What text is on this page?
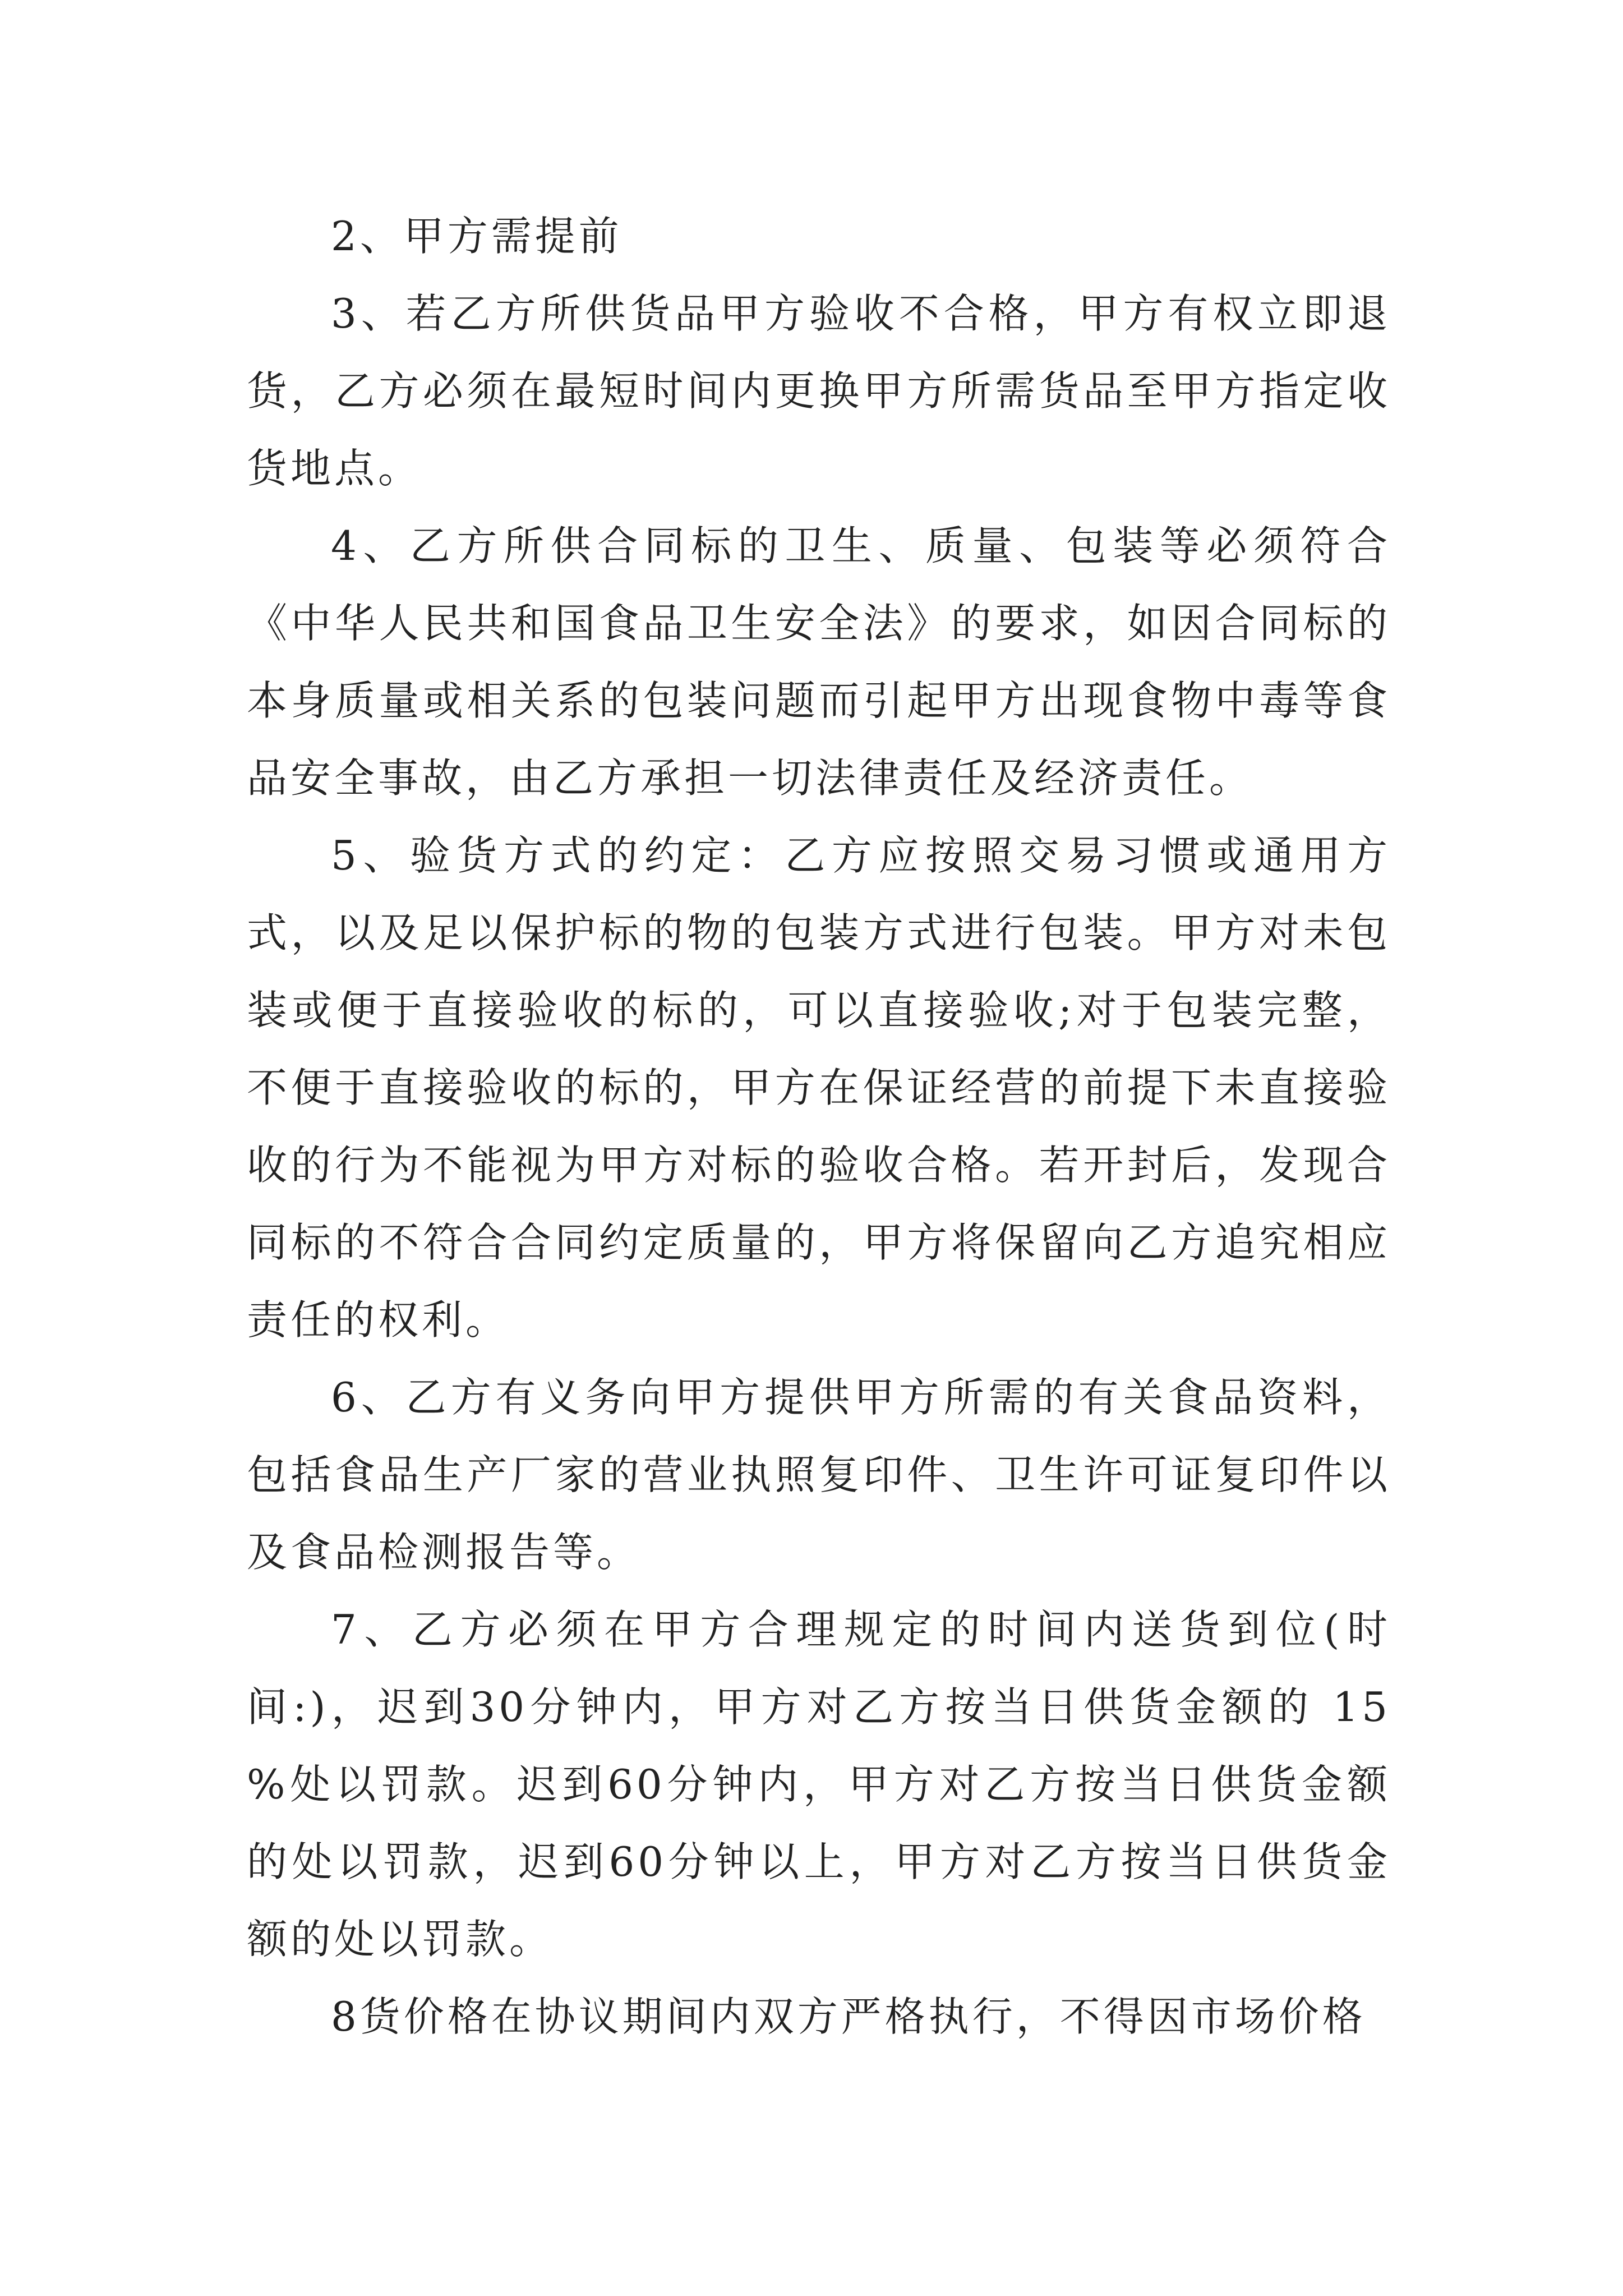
2、甲方需提前

3、若乙方所供货品甲方验收不合格，甲方有权立即退货，乙方必须在最短时间内更换甲方所需货品至甲方指定收货地点。

4、乙方所供合同标的卫生、质量、包装等必须符合《中华人民共和国食品卫生安全法》的要求，如因合同标的本身质量或相关系的包装问题而引起甲方出现食物中毒等食品安全事故，由乙方承担一切法律责任及经济责任。

5、验货方式的约定：乙方应按照交易习惯或通用方式，以及足以保护标的物的包装方式进行包装。甲方对未包装或便于直接验收的标的，可以直接验收;对于包装完整，不便于直接验收的标的，甲方在保证经营的前提下未直接验收的行为不能视为甲方对标的验收合格。若开封后，发现合同标的不符合合同约定质量的，甲方将保留向乙方追究相应责任的权利。

6、乙方有义务向甲方提供甲方所需的有关食品资料，包括食品生产厂家的营业执照复印件、卫生许可证复印件以及食品检测报告等。

7、乙方必须在甲方合理规定的时间内送货到位(时间:)，迟到30分钟内，甲方对乙方按当日供货金额的 15 %处以罚款。迟到60分钟内，甲方对乙方按当日供货金额的处以罚款，迟到60分钟以上，甲方对乙方按当日供货金额的处以罚款。

8货价格在协议期间内双方严格执行，不得因市场价格
